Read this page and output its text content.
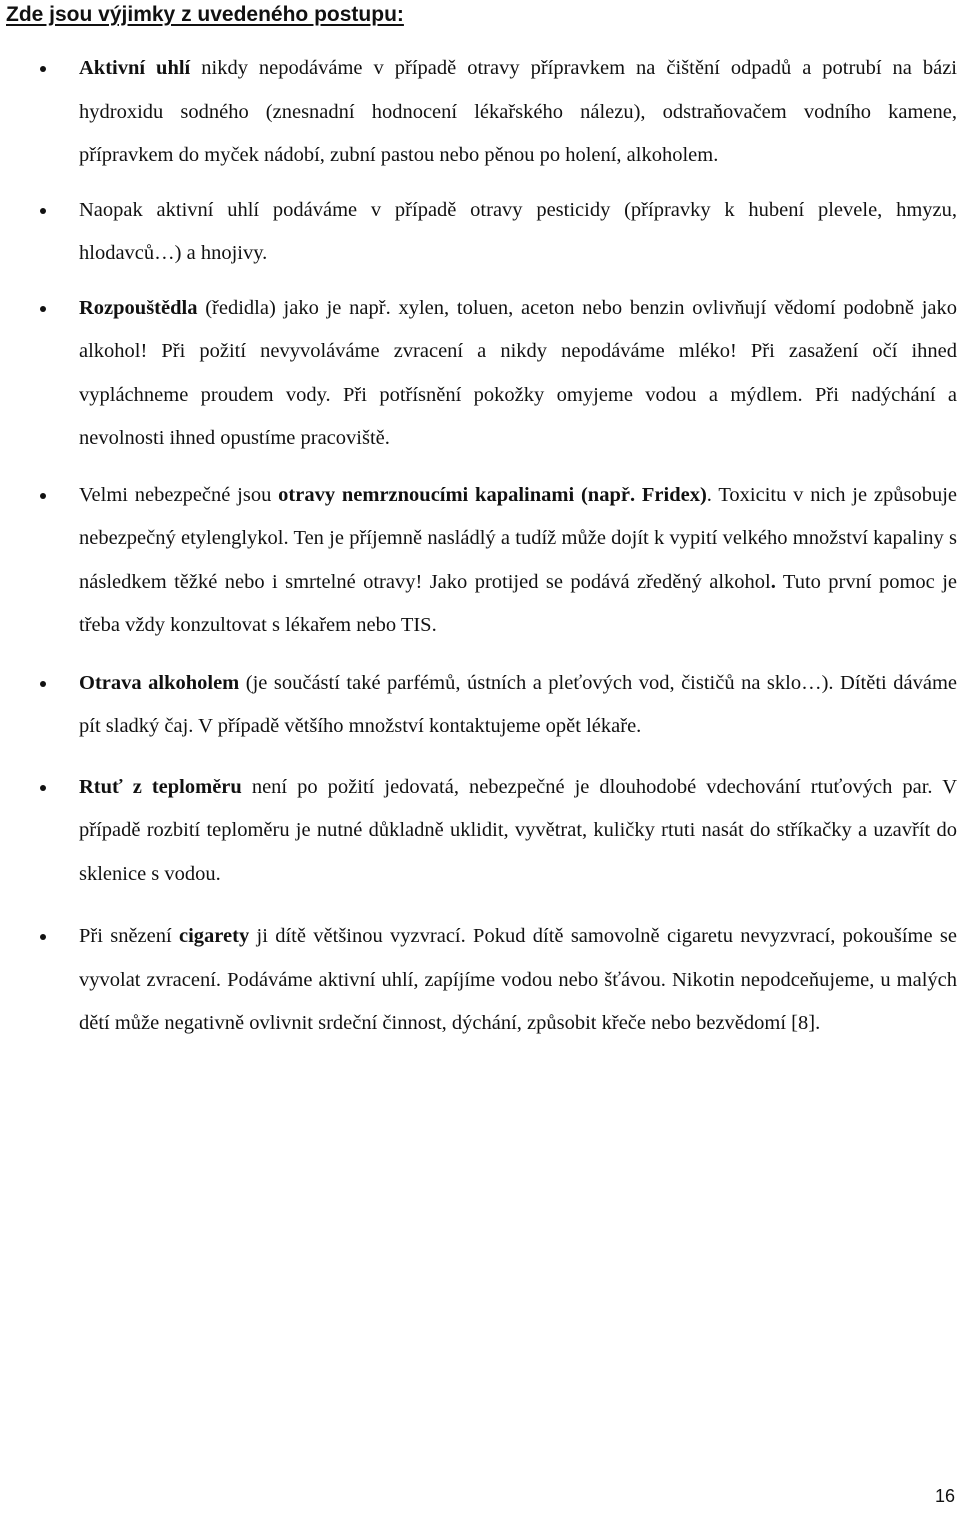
Zde jsou výjimky z uvedeného postupu:
Aktivní uhlí nikdy nepodáváme v případě otravy přípravkem na čištění odpadů a potrubí na bázi hydroxidu sodného (znesnadní hodnocení lékařského nálezu), odstraňovačem vodního kamene, přípravkem do myček nádobí, zubní pastou nebo pěnou po holení, alkoholem.
Naopak aktivní uhlí podáváme v případě otravy pesticidy (přípravky k hubení plevele, hmyzu, hlodavců…) a hnojivy.
Rozpouštědla (ředidla) jako je např. xylen, toluen, aceton nebo benzin ovlivňují vědomí podobně jako alkohol! Při požití nevyvoláváme zvracení a nikdy nepodáváme mléko! Při zasažení očí ihned vypláchneme proudem vody. Při potřísnění pokožky omyjeme vodou a mýdlem. Při nadýchání a nevolnosti ihned opustíme pracoviště.
Velmi nebezpečné jsou otravy nemrznoucími kapalinami (např. Fridex). Toxicitu v nich je způsobuje nebezpečný etylenglykol. Ten je příjemně nasládlý a tudíž může dojít k vypití velkého množství kapaliny s následkem těžké nebo i smrtelné otravy! Jako protijed se podává zředěný alkohol. Tuto první pomoc je třeba vždy konzultovat s lékařem nebo TIS.
Otrava alkoholem (je součástí také parfémů, ústních a pleťových vod, čističů na sklo…). Dítěti dáváme pít sladký čaj. V případě většího množství kontaktujeme opět lékaře.
Rtuť z teploměru není po požití jedovatá, nebezpečné je dlouhodobé vdechování rtuťových par. V případě rozbití teploměru je nutné důkladně uklidit, vyvětrat, kuličky rtuti nasát do stříkačky a uzavřít do sklenice s vodou.
Při snězení cigarety ji dítě většinou vyzvrací. Pokud dítě samovolně cigaretu nevyzvrací, pokoušíme se vyvolat zvracení. Podáváme aktivní uhlí, zapíjíme vodou nebo šťávou. Nikotin nepodceňujeme, u malých dětí může negativně ovlivnit srdeční činnost, dýchání, způsobit křeče nebo bezvědomí [8].
16
